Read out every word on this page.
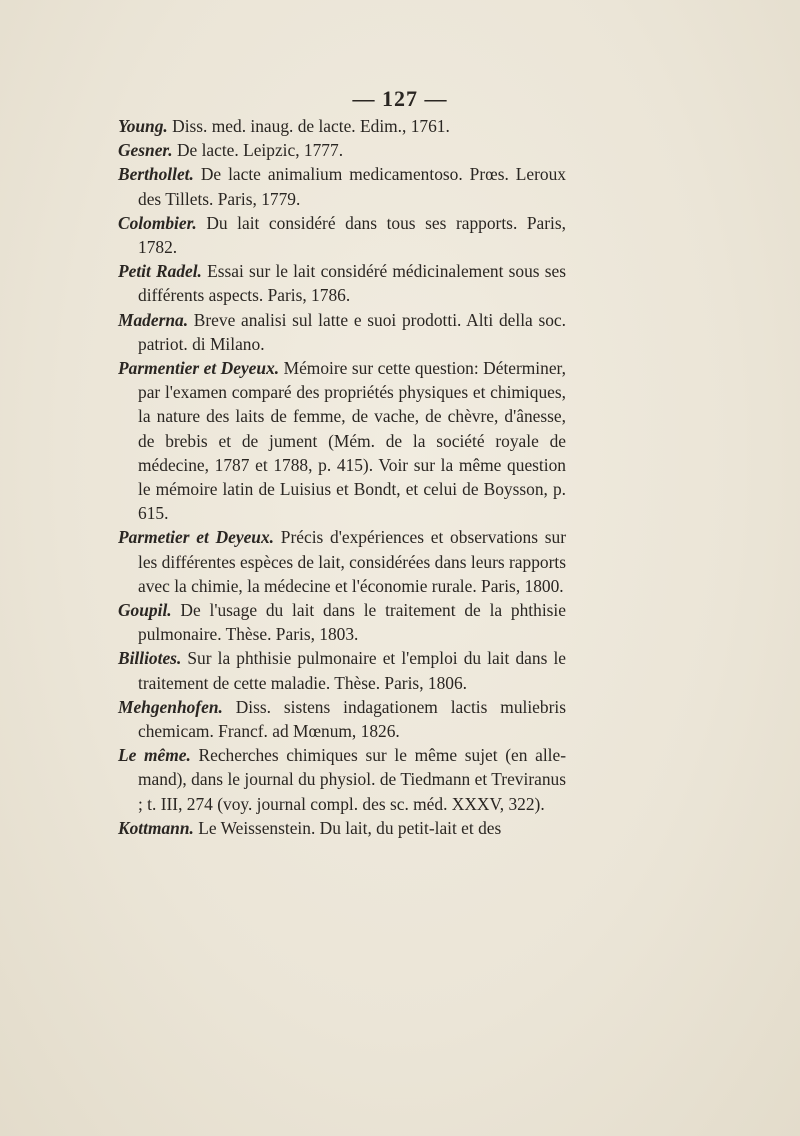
— 127 —
Young. Diss. med. inaug. de lacte. Edim., 1761.
Gesner. De lacte. Leipzic, 1777.
Berthollet. De lacte animalium medicamentoso. Prœs. Leroux des Tillets. Paris, 1779.
Colombier. Du lait considéré dans tous ses rapports. Paris, 1782.
Petit Radel. Essai sur le lait considéré médicinalement sous ses différents aspects. Paris, 1786.
Maderna. Breve analisi sul latte e suoi prodotti. Alti della soc. patriot. di Milano.
Parmentier et Deyeux. Mémoire sur cette question: Déterminer, par l'examen comparé des propriétés physiques et chimiques, la nature des laits de femme, de vache, de chèvre, d'ânesse, de brebis et de jument (Mém. de la société royale de médecine, 1787 et 1788, p. 415). Voir sur la même question le mémoire latin de Luisius et Bondt, et celui de Boysson, p. 615.
Parmetier et Deyeux. Précis d'expériences et observations sur les différentes espèces de lait, considérées dans leurs rapports avec la chimie, la médecine et l'économie rurale. Paris, 1800.
Goupil. De l'usage du lait dans le traitement de la phthisie pulmonaire. Thèse. Paris, 1803.
Billiotes. Sur la phthisie pulmonaire et l'emploi du lait dans le traitement de cette maladie. Thèse. Paris, 1806.
Mehgenhofen. Diss. sistens indagationem lactis muliebris chemicam. Francf. ad Mœnum, 1826.
Le même. Recherches chimiques sur le même sujet (en allemand), dans le journal du physiol. de Tiedmann et Treviranus ; t. III, 274 (voy. journal compl. des sc. méd. XXXV, 322).
Kottmann. Le Weissenstein. Du lait, du petit-lait et des
